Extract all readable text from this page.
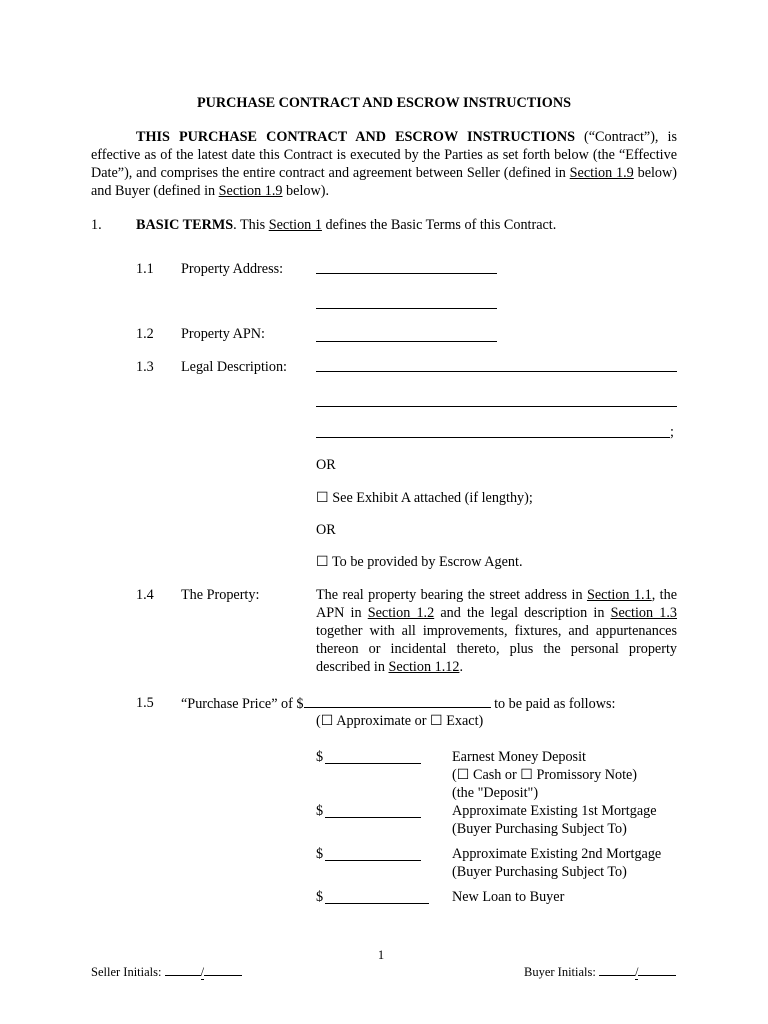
PURCHASE CONTRACT AND ESCROW INSTRUCTIONS
THIS PURCHASE CONTRACT AND ESCROW INSTRUCTIONS (“Contract”), is effective as of the latest date this Contract is executed by the Parties as set forth below (the “Effective Date”), and comprises the entire contract and agreement between Seller (defined in Section 1.9 below) and Buyer (defined in Section 1.9 below).
1. BASIC TERMS. This Section 1 defines the Basic Terms of this Contract.
1.1 Property Address:
1.2 Property APN:
1.3 Legal Description:
;
OR
☐ See Exhibit A attached (if lengthy);
OR
☐ To be provided by Escrow Agent.
1.4 The Property:	The real property bearing the street address in Section 1.1, the APN in Section 1.2 and the legal description in Section 1.3 together with all improvements, fixtures, and appurtenances thereon or incidental thereto, plus the personal property described in Section 1.12.
1.5 “Purchase Price” of $	to be paid as follows:
(☐ Approximate or ☐ Exact)
$	Earnest Money Deposit
(☐ Cash or ☐ Promissory Note)
(the "Deposit")
$	Approximate Existing 1st Mortgage
(Buyer Purchasing Subject To)
$	Approximate Existing 2nd Mortgage
(Buyer Purchasing Subject To)
$	New Loan to Buyer
1
Seller Initials:	/	Buyer Initials:	/
